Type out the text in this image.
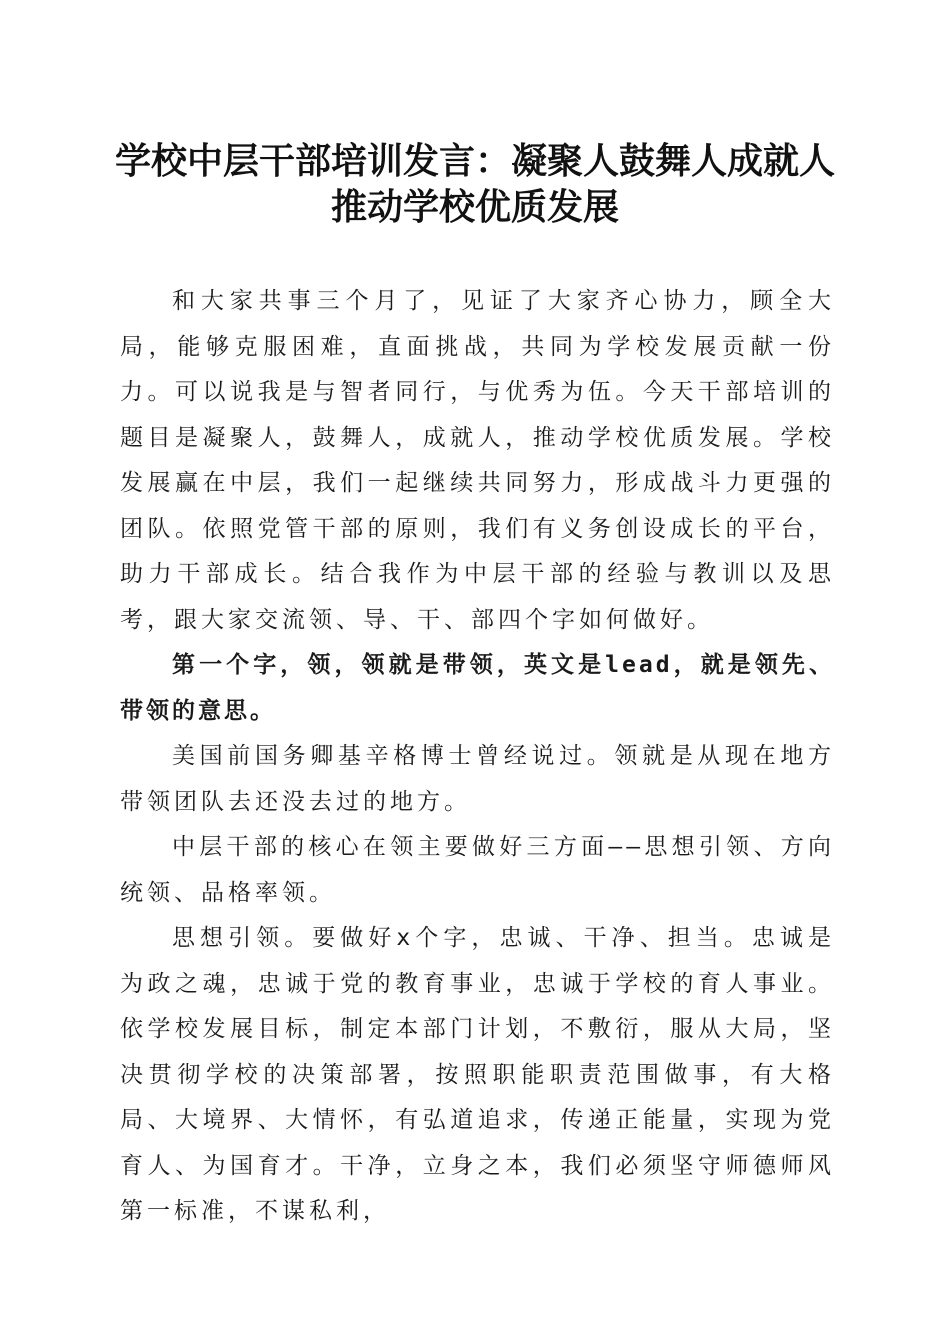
学校中层干部培训发言：凝聚人鼓舞人成就人
推动学校优质发展

和大家共事三个月了，见证了大家齐心协力，顾全大局，能够克服困难，直面挑战，共同为学校发展贡献一份力。可以说我是与智者同行，与优秀为伍。今天干部培训的题目是凝聚人，鼓舞人，成就人，推动学校优质发展。学校发展赢在中层，我们一起继续共同努力，形成战斗力更强的团队。依照党管干部的原则，我们有义务创设成长的平台，助力干部成长。结合我作为中层干部的经验与教训以及思考，跟大家交流领、导、干、部四个字如何做好。

第一个字，领，领就是带领，英文是lead，就是领先、带领的意思。

美国前国务卿基辛格博士曾经说过。领就是从现在地方带领团队去还没去过的地方。

中层干部的核心在领主要做好三方面——思想引领、方向统领、品格率领。

思想引领。要做好x个字，忠诚、干净、担当。忠诚是为政之魂，忠诚于党的教育事业，忠诚于学校的育人事业。依学校发展目标，制定本部门计划，不敷衍，服从大局，坚决贯彻学校的决策部署，按照职能职责范围做事，有大格局、大境界、大情怀，有弘道追求，传递正能量，实现为党育人、为国育才。干净，立身之本，我们必须坚守师德师风第一标准，不谋私利，
